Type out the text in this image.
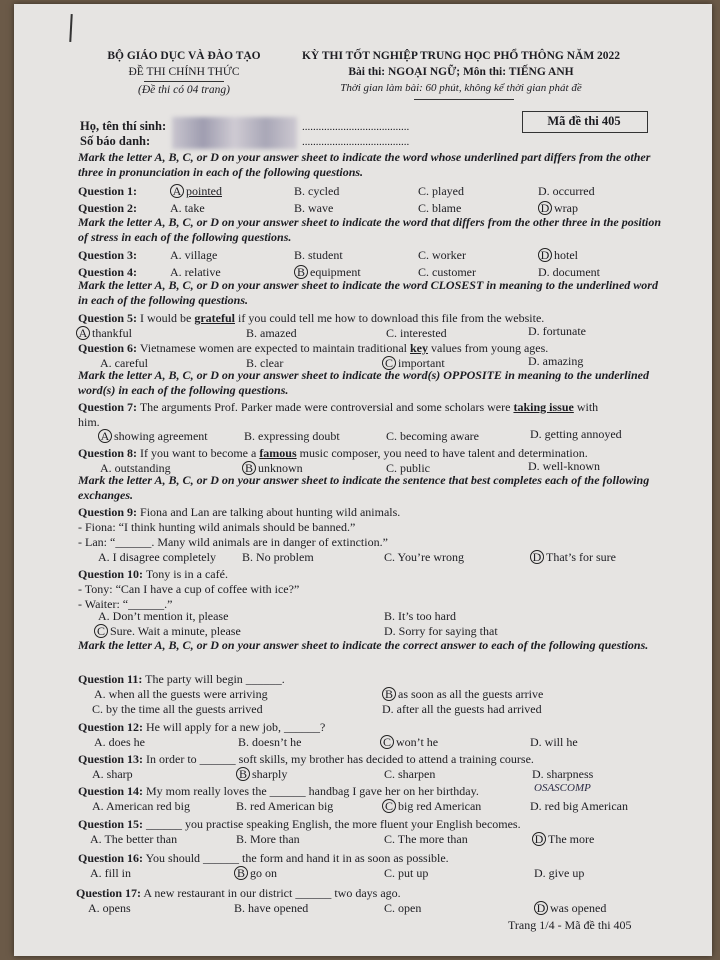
BỘ GIÁO DỤC VÀ ĐÀO TẠO
ĐỀ THI CHÍNH THỨC
(Đề thi có 04 trang)
KỲ THI TỐT NGHIỆP TRUNG HỌC PHỔ THÔNG NĂM 2022
Bài thi: NGOẠI NGỮ; Môn thi: TIẾNG ANH
Thời gian làm bài: 60 phút, không kể thời gian phát đề
Họ, tên thí sinh:
Số báo danh:
.......................................
.......................................
Mã đề thi 405
Mark the letter A, B, C, or D on your answer sheet to indicate the word whose underlined part differs from the other three in pronunciation in each of the following questions.
Question 1:	A pointed	B. cycled	C. played	D. occurred
Question 2:	A. take	B. wave	C. blame	D wrap
Mark the letter A, B, C, or D on your answer sheet to indicate the word that differs from the other three in the position of stress in each of the following questions.
Question 3:	A. village	B. student	C. worker	D hotel
Question 4:	A. relative	B equipment	C. customer	D. document
Mark the letter A, B, C, or D on your answer sheet to indicate the word CLOSEST in meaning to the underlined word in each of the following questions.
Question 5: I would be grateful if you could tell me how to download this file from the website.
A thankful	B. amazed	C. interested	D. fortunate
Question 6: Vietnamese women are expected to maintain traditional key values from young ages.
A. careful	B. clear	C important	D. amazing
Mark the letter A, B, C, or D on your answer sheet to indicate the word(s) OPPOSITE in meaning to the underlined word(s) in each of the following questions.
Question 7: The arguments Prof. Parker made were controversial and some scholars were taking issue with
him.
A showing agreement	B. expressing doubt	C. becoming aware	D. getting annoyed
Question 8: If you want to become a famous music composer, you need to have talent and determination.
A. outstanding	B unknown	C. public	D. well-known
Mark the letter A, B, C, or D on your answer sheet to indicate the sentence that best completes each of the following exchanges.
Question 9: Fiona and Lan are talking about hunting wild animals.
- Fiona: “I think hunting wild animals should be banned.”
- Lan: “______. Many wild animals are in danger of extinction.”
A. I disagree completely B. No problem	C. You’re wrong	D That’s for sure
Question 10: Tony is in a café.
- Tony: “Can I have a cup of coffee with ice?”
- Waiter: “______.”
A. Don’t mention it, please	B. It’s too hard
C Sure. Wait a minute, please	D. Sorry for saying that
Mark the letter A, B, C, or D on your answer sheet to indicate the correct answer to each of the following questions.
Question 11: The party will begin ______.
A. when all the guests were arriving	B as soon as all the guests arrive
C. by the time all the guests arrived	D. after all the guests had arrived
Question 12: He will apply for a new job, ______?
A. does he	B. doesn’t he	C won’t he	D. will he
Question 13: In order to ______ soft skills, my brother has decided to attend a training course.
A. sharp	B sharply	C. sharpen	D. sharpness
Question 14: My mom really loves the ______ handbag I gave her on her birthday.	OSASCOMP
A. American red big	B. red American big	C big red American	D. red big American
Question 15: ______ you practise speaking English, the more fluent your English becomes.
A. The better than	B. More than	C. The more than	D The more
Question 16: You should ______ the form and hand it in as soon as possible.
A. fill in	B go on	C. put up	D. give up
Question 17: A new restaurant in our district ______ two days ago.
A. opens	B. have opened	C. open	D was opened
Trang 1/4 - Mã đề thi 405
